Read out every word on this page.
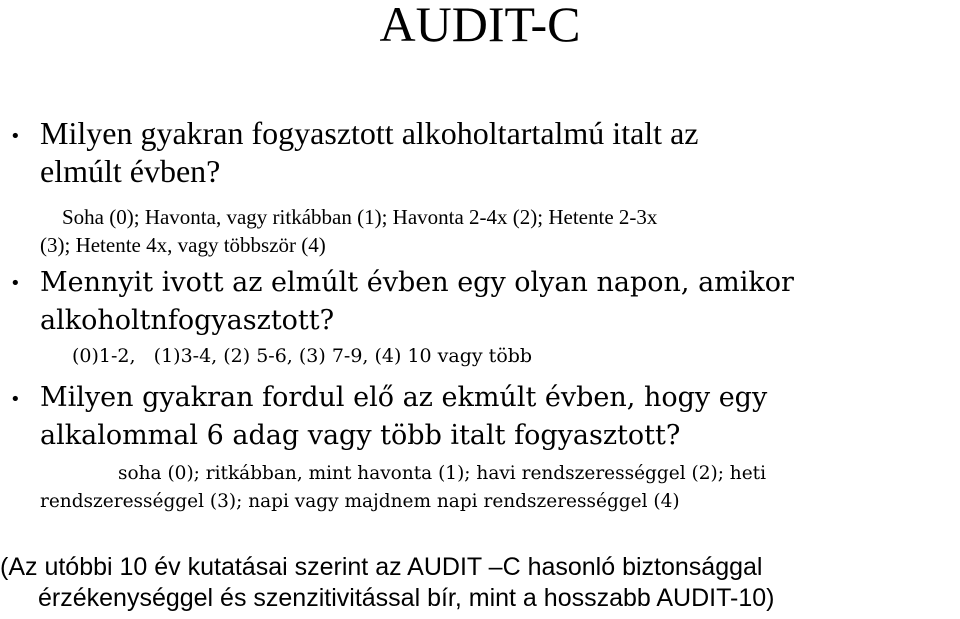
AUDIT-C
• Milyen gyakran fogyasztott alkoholtartalmú italt az
elmúlt évben?
Soha (0); Havonta, vagy ritkábban (1); Havonta 2-4x (2); Hetente 2-3x
(3); Hetente 4x, vagy többször (4)
• Mennyit ivott az elmúlt évben egy olyan napon, amikor
alkoholtnfogyasztott?
(0)1-2,   (1)3-4, (2) 5-6, (3) 7-9, (4) 10 vagy több
• Milyen gyakran fordul elő az ekmúlt évben, hogy egy
alkalommal 6 adag vagy több italt fogyasztott?
soha (0); ritkábban, mint havonta (1); havi rendszerességgel (2); heti
rendszerességgel (3); napi vagy majdnem napi rendszerességgel (4)
(Az utóbbi 10 év kutatásai szerint az AUDIT –C hasonló biztonsággal
érzékenységgel és szenzitivitással bír, mint a hosszabb AUDIT-10)
